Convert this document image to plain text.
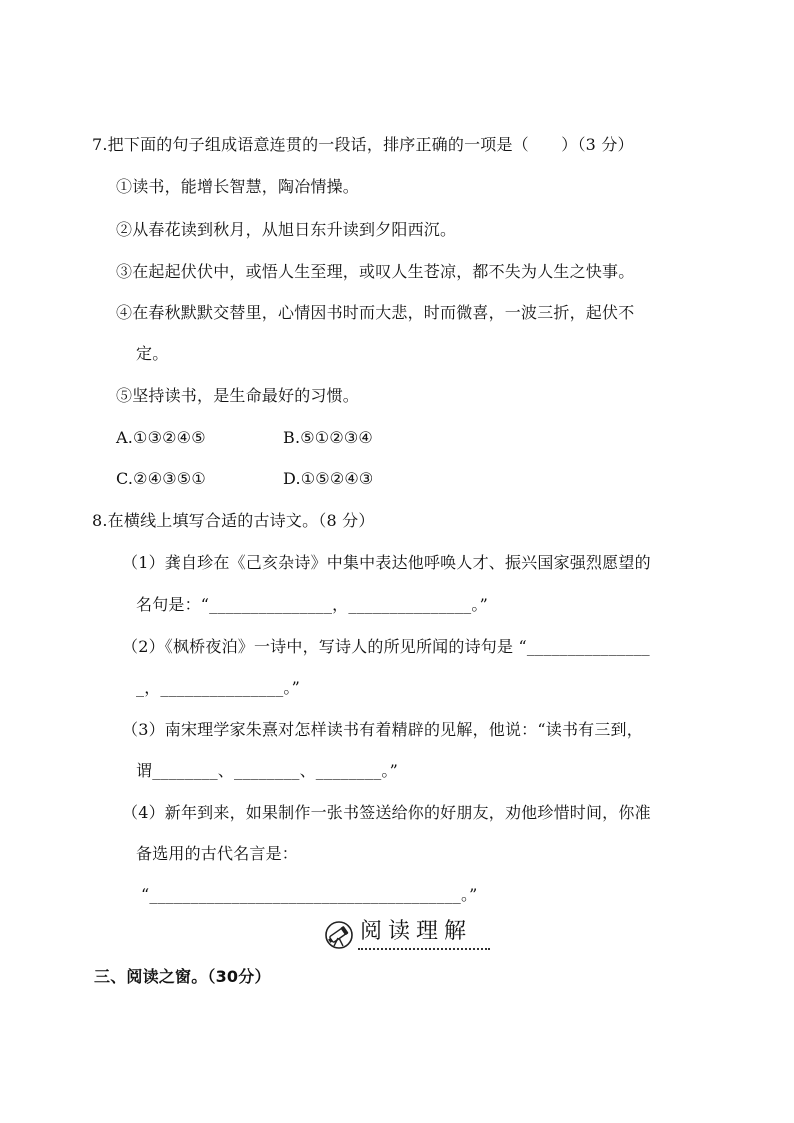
7.把下面的句子组成语意连贯的一段话，排序正确的一项是（　　）（3 分）
①读书，能增长智慧，陶冶情操。
②从春花读到秋月，从旭日东升读到夕阳西沉。
③在起起伏伏中，或悟人生至理，或叹人生苍凉，都不失为人生之快事。
④在春秋默默交替里，心情因书时而大悲，时而微喜，一波三折，起伏不
定。
⑤坚持读书，是生命最好的习惯。
A.①③②④⑤	B.⑤①②③④
C.②④③⑤①	D.①⑤②④③
8.在横线上填写合适的古诗文。（8 分）
（1）龚自珍在《己亥杂诗》中集中表达他呼唤人才、振兴国家强烈愿望的
名句是：“_______________，_______________。”
（2）《枫桥夜泊》一诗中，写诗人的所见所闻的诗句是 “_______________
_，_______________。”
（3）南宋理学家朱熹对怎样读书有着精辟的见解，他说：“读书有三到，
谓________、________、________。”
（4）新年到来，如果制作一张书签送给你的好朋友，劝他珍惜时间，你准
备选用的古代名言是：
“______________________________________。”
阅读理解
三、阅读之窗。（30分）
